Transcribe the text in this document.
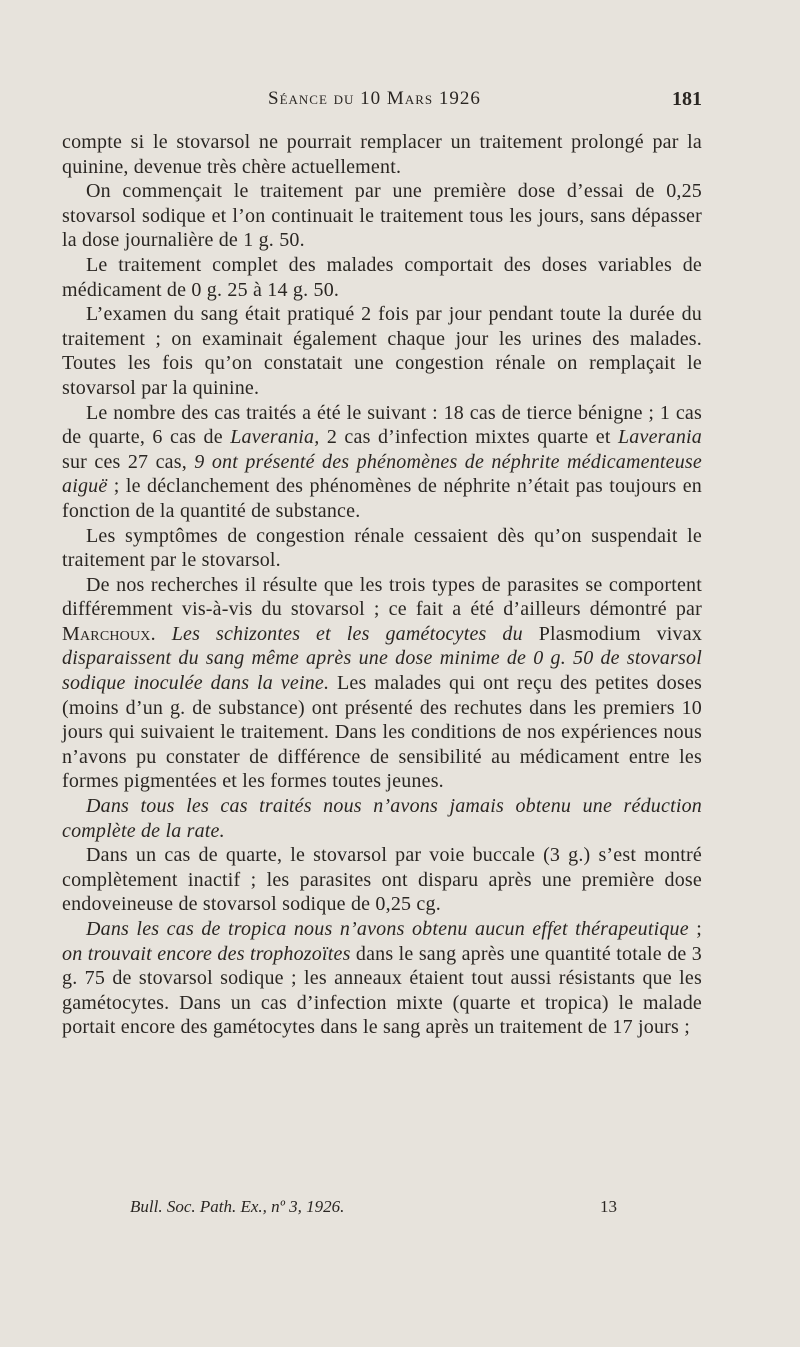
Séance du 10 Mars 1926	181

compte si le stovarsol ne pourrait remplacer un traitement prolongé par la quinine, devenue très chère actuellement.

On commençait le traitement par une première dose d’essai de 0,25 stovarsol sodique et l’on continuait le traitement tous les jours, sans dépasser la dose journalière de 1 g. 50.

Le traitement complet des malades comportait des doses variables de médicament de 0 g. 25 à 14 g. 50.

L’examen du sang était pratiqué 2 fois par jour pendant toute la durée du traitement ; on examinait également chaque jour les urines des malades. Toutes les fois qu’on constatait une congestion rénale on remplaçait le stovarsol par la quinine.

Le nombre des cas traités a été le suivant : 18 cas de tierce bénigne ; 1 cas de quarte, 6 cas de Laverania, 2 cas d’infection mixtes quarte et Laverania sur ces 27 cas, 9 ont présenté des phénomènes de néphrite médicamenteuse aiguë ; le déclanchement des phénomènes de néphrite n’était pas toujours en fonction de la quantité de substance.

Les symptômes de congestion rénale cessaient dès qu’on suspendait le traitement par le stovarsol.

De nos recherches il résulte que les trois types de parasites se comportent différemment vis-à-vis du stovarsol ; ce fait a été d’ailleurs démontré par Marchoux. Les schizontes et les gamétocytes du Plasmodium vivax disparaissent du sang même après une dose minime de 0 g. 50 de stovarsol sodique inoculée dans la veine. Les malades qui ont reçu des petites doses (moins d’un g. de substance) ont présenté des rechutes dans les premiers 10 jours qui suivaient le traitement. Dans les conditions de nos expériences nous n’avons pu constater de différence de sensibilité au médicament entre les formes pigmentées et les formes toutes jeunes.

Dans tous les cas traités nous n’avons jamais obtenu une réduction complète de la rate.

Dans un cas de quarte, le stovarsol par voie buccale (3 g.) s’est montré complètement inactif ; les parasites ont disparu après une première dose endoveineuse de stovarsol sodique de 0,25 cg.

Dans les cas de tropica nous n’avons obtenu aucun effet thérapeutique ; on trouvait encore des trophozoïtes dans le sang après une quantité totale de 3 g. 75 de stovarsol sodique ; les anneaux étaient tout aussi résistants que les gamétocytes. Dans un cas d’infection mixte (quarte et tropica) le malade portait encore des gamétocytes dans le sang après un traitement de 17 jours ;

Bull. Soc. Path. Ex., nº 3, 1926.	13
